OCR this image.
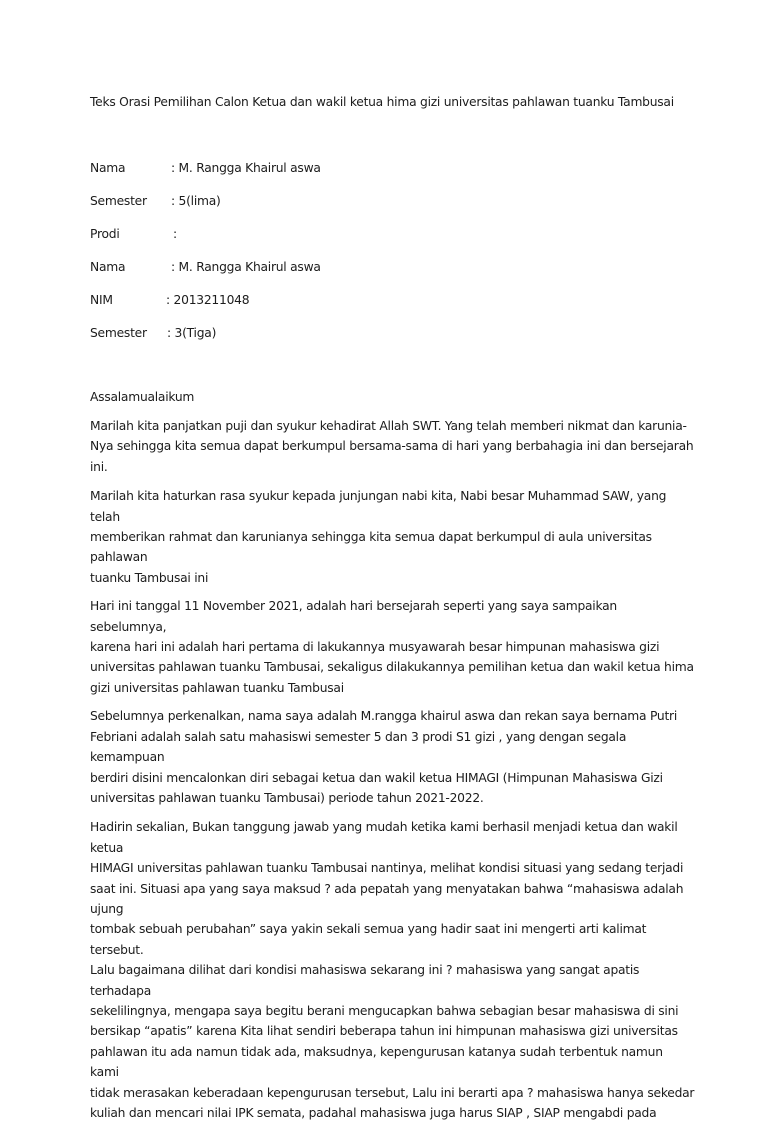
Teks Orasi Pemilihan Calon Ketua dan wakil ketua hima gizi universitas pahlawan tuanku Tambusai

Nama	: M. Rangga Khairul aswa
Semester : 5(lima)
Prodi	:
Nama	: M. Rangga Khairul aswa
NIM	: 2013211048
Semester : 3(Tiga)

Assalamualaikum

Marilah kita panjatkan puji dan syukur kehadirat Allah SWT. Yang telah memberi nikmat dan karunia-
Nya sehingga kita semua dapat berkumpul bersama-sama di hari yang berbahagia ini dan bersejarah ini.

Marilah kita haturkan rasa syukur kepada junjungan nabi kita, Nabi besar Muhammad SAW, yang telah
memberikan rahmat dan karunianya sehingga kita semua dapat berkumpul di aula universitas pahlawan
tuanku Tambusai ini

Hari ini tanggal 11 November 2021, adalah hari bersejarah seperti yang saya sampaikan sebelumnya,
karena hari ini adalah hari pertama di lakukannya musyawarah besar himpunan mahasiswa gizi
universitas pahlawan tuanku Tambusai, sekaligus dilakukannya pemilihan ketua dan wakil ketua hima
gizi universitas pahlawan tuanku Tambusai

Sebelumnya perkenalkan, nama saya adalah M.rangga khairul aswa dan rekan saya bernama Putri
Febriani adalah salah satu mahasiswi semester 5 dan 3 prodi S1 gizi , yang dengan segala kemampuan
berdiri disini mencalonkan diri sebagai ketua dan wakil ketua HIMAGI (Himpunan Mahasiswa Gizi
universitas pahlawan tuanku Tambusai) periode tahun 2021-2022.

Hadirin sekalian, Bukan tanggung jawab yang mudah ketika kami berhasil menjadi ketua dan wakil ketua
HIMAGI universitas pahlawan tuanku Tambusai nantinya, melihat kondisi situasi yang sedang terjadi
saat ini. Situasi apa yang saya maksud ? ada pepatah yang menyatakan bahwa “mahasiswa adalah ujung
tombak sebuah perubahan” saya yakin sekali semua yang hadir saat ini mengerti arti kalimat tersebut.
Lalu bagaimana dilihat dari kondisi mahasiswa sekarang ini ? mahasiswa yang sangat apatis terhadapa
sekelilingnya, mengapa saya begitu berani mengucapkan bahwa sebagian besar mahasiswa di sini
bersikap “apatis” karena Kita lihat sendiri beberapa tahun ini himpunan mahasiswa gizi universitas
pahlawan itu ada namun tidak ada, maksudnya, kepengurusan katanya sudah terbentuk namun kami
tidak merasakan keberadaan kepengurusan tersebut, Lalu ini berarti apa ? mahasiswa hanya sekedar
kuliah dan mencari nilai IPK semata, padahal mahasiswa juga harus SIAP , SIAP mengabdi pada
